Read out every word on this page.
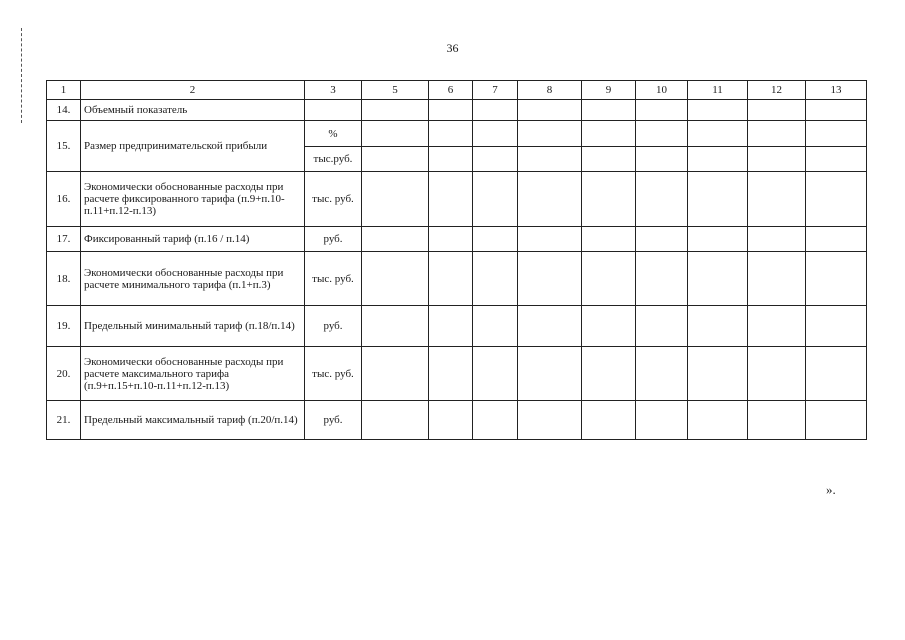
36
1	2	3	5	6	7	8	9	10	11	12	13
14.	Объемный показатель										
15.	Размер предпринимательской прибыли	%									
		тыс.руб.									
16.	Экономически обоснованные расходы при расчете фиксированного тарифа (п.9+п.10-п.11+п.12-п.13)	тыс. руб.									
17.	Фиксированный тариф (п.16 / п.14)	руб.									
18.	Экономически обоснованные расходы при расчете минимального тарифа (п.1+п.3)	тыс. руб.									
19.	Предельный минимальный тариф (п.18/п.14)	руб.									
20.	Экономически обоснованные расходы при расчете максимального тарифа (п.9+п.15+п.10-п.11+п.12-п.13)	тыс. руб.									
21.	Предельный максимальный тариф (п.20/п.14)	руб.									
».
